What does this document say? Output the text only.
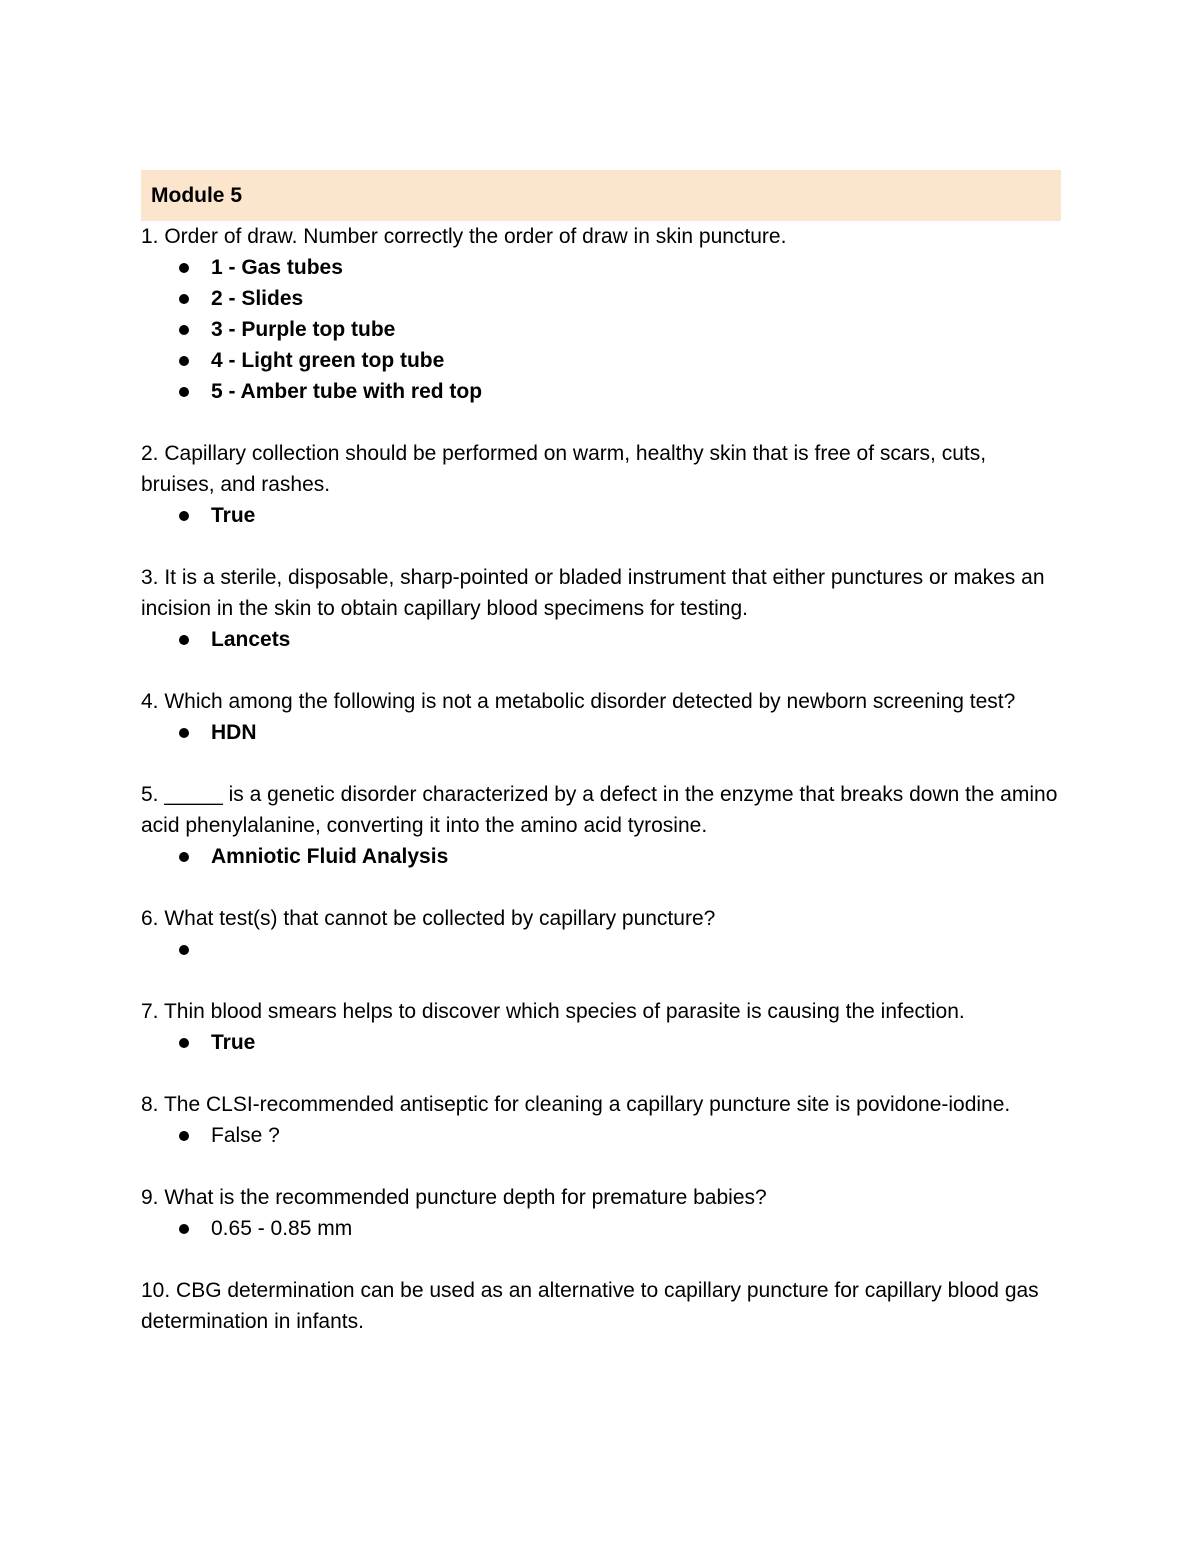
Module 5

1. Order of draw. Number correctly the order of draw in skin puncture.

1 - Gas tubes
2 - Slides
3 - Purple top tube
4 - Light green top tube
5 - Amber tube with red top

2. Capillary collection should be performed on warm, healthy skin that is free of scars, cuts, bruises, and rashes.

True

3. It is a sterile, disposable, sharp-pointed or bladed instrument that either punctures or makes an incision in the skin to obtain capillary blood specimens for testing.

Lancets

4. Which among the following is not a metabolic disorder detected by newborn screening test?

HDN

5. _____ is a genetic disorder characterized by a defect in the enzyme that breaks down the amino acid phenylalanine, converting it into the amino acid tyrosine.

Amniotic Fluid Analysis

6. What test(s) that cannot be collected by capillary puncture?

7. Thin blood smears helps to discover which species of parasite is causing the infection.

True

8. The CLSI-recommended antiseptic for cleaning a capillary puncture site is povidone-iodine.

False ?

9. What is the recommended puncture depth for premature babies?

0.65 - 0.85 mm

10. CBG determination can be used as an alternative to capillary puncture for capillary blood gas determination in infants.
